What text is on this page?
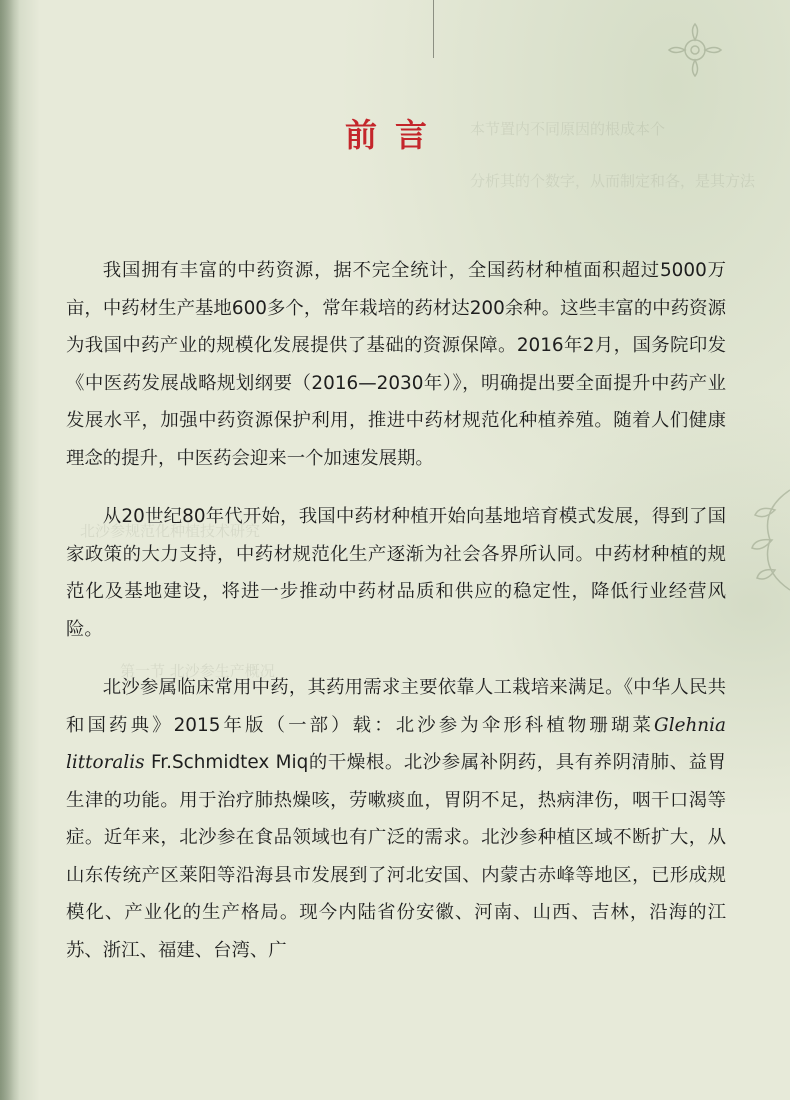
本节置内不同原因的根成本个
分析其的个数字，从而制定和各，是其方法
北沙参规范化种植技术研究
第一节 北沙参生产概况
前言

我国拥有丰富的中药资源，据不完全统计，全国药材种植面积超过5000万亩，中药材生产基地600多个，常年栽培的药材达200余种。这些丰富的中药资源为我国中药产业的规模化发展提供了基础的资源保障。2016年2月，国务院印发《中医药发展战略规划纲要（2016—2030年）》，明确提出要全面提升中药产业发展水平，加强中药资源保护利用，推进中药材规范化种植养殖。随着人们健康理念的提升，中医药会迎来一个加速发展期。

从20世纪80年代开始，我国中药材种植开始向基地培育模式发展，得到了国家政策的大力支持，中药材规范化生产逐渐为社会各界所认同。中药材种植的规范化及基地建设，将进一步推动中药材品质和供应的稳定性，降低行业经营风险。

北沙参属临床常用中药，其药用需求主要依靠人工栽培来满足。《中华人民共和国药典》2015年版（一部）载：北沙参为伞形科植物珊瑚菜Glehnia littoralis Fr.Schmidtex Miq的干燥根。北沙参属补阴药，具有养阴清肺、益胃生津的功能。用于治疗肺热燥咳，劳嗽痰血，胃阴不足，热病津伤，咽干口渴等症。近年来，北沙参在食品领域也有广泛的需求。北沙参种植区域不断扩大，从山东传统产区莱阳等沿海县市发展到了河北安国、内蒙古赤峰等地区，已形成规模化、产业化的生产格局。现今内陆省份安徽、河南、山西、吉林，沿海的江苏、浙江、福建、台湾、广
